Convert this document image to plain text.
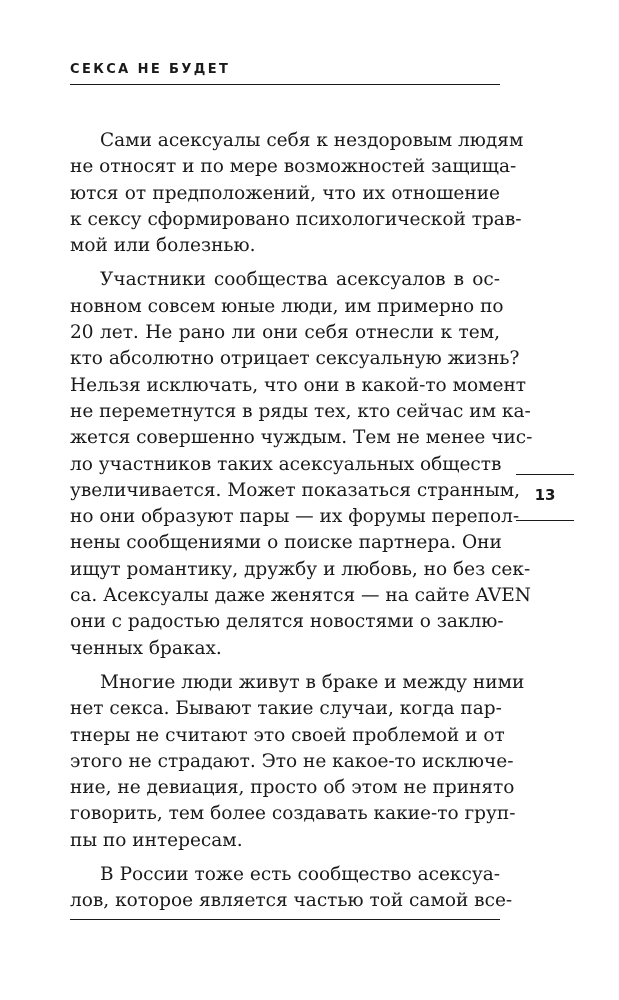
СЕКСА НЕ БУДЕТ
13
Сами асексуалы себя к нездоровым людям
не относят и по мере возможностей защища-
ются от предположений, что их отношение
к сексу сформировано психологической трав-
мой или болезнью.
Участники сообщества асексуалов в ос-
новном совсем юные люди, им примерно по
20 лет. Не рано ли они себя отнесли к тем,
кто абсолютно отрицает сексуальную жизнь?
Нельзя исключать, что они в какой-то момент
не переметнутся в ряды тех, кто сейчас им ка-
жется совершенно чуждым. Тем не менее чис-
ло участников таких асексуальных обществ
увеличивается. Может показаться странным,
но они образуют пары — их форумы перепол-
нены сообщениями о поиске партнера. Они
ищут романтику, дружбу и любовь, но без сек-
са. Асексуалы даже женятся — на сайте AVEN
они с радостью делятся новостями о заклю-
ченных браках.
Многие люди живут в браке и между ними
нет секса. Бывают такие случаи, когда пар-
тнеры не считают это своей проблемой и от
этого не страдают. Это не какое-то исключе-
ние, не девиация, просто об этом не принято
говорить, тем более создавать какие-то груп-
пы по интересам.
В России тоже есть сообщество асексуа-
лов, которое является частью той самой все-
